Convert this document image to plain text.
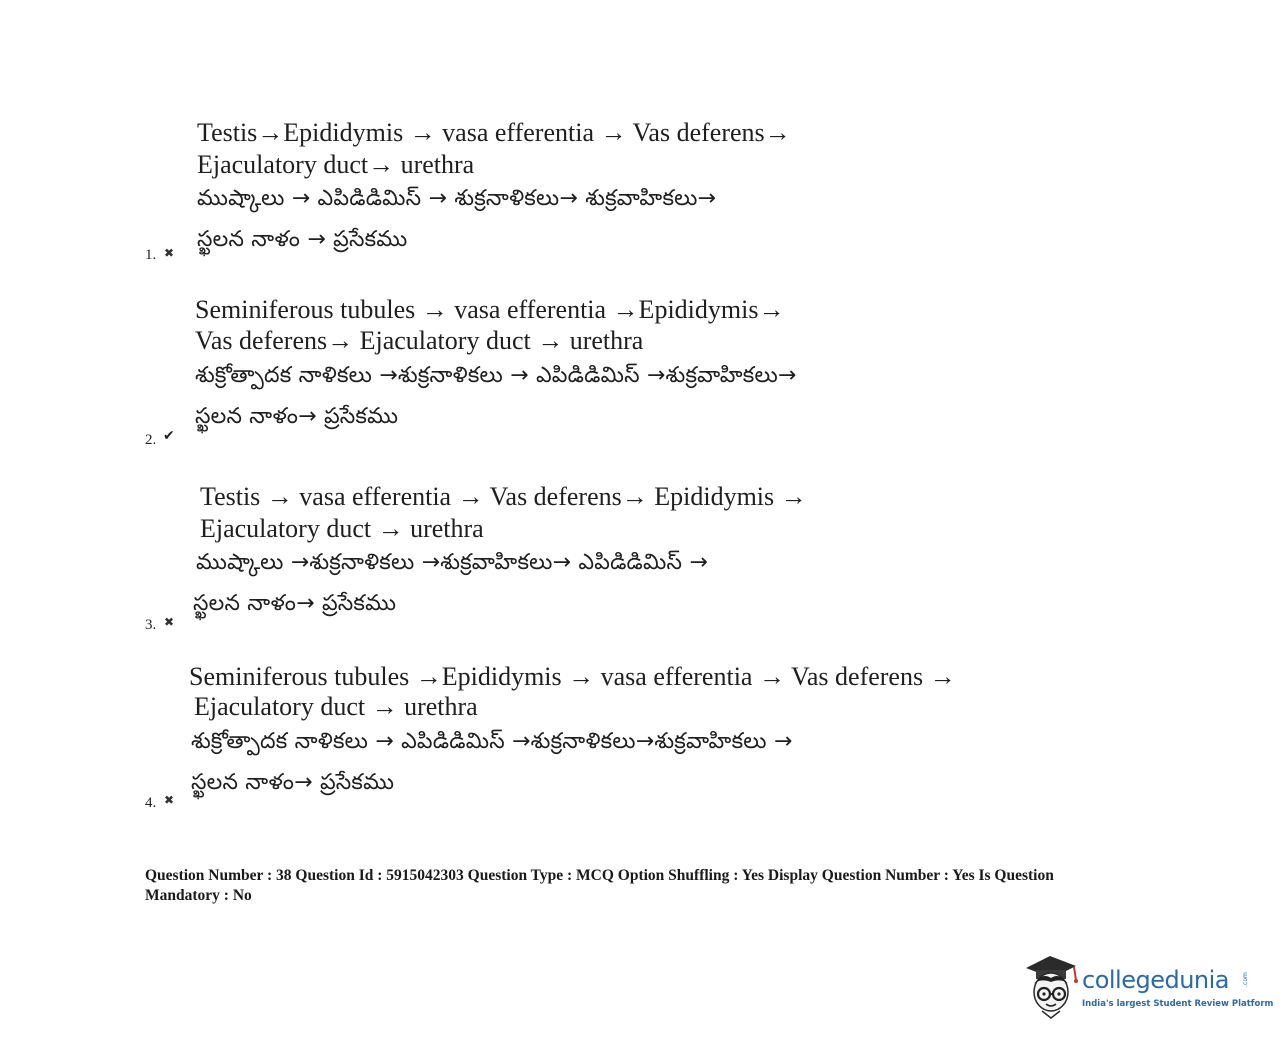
Testis→Epididymis → vasa efferentia → Vas deferens→
Ejaculatory duct→ urethra
ముష్కాలు → ఎపిడిడిమిస్ → శుక్రనాళికలు→ శుక్రవాహికలు→
స్ఖలన నాళం → ప్రసేకము
1. ✖
Seminiferous tubules → vasa efferentia →Epididymis→
Vas deferens→ Ejaculatory duct → urethra
శుక్రోత్పాదక నాళికలు →శుక్రనాళికలు → ఎపిడిడిమిస్ →శుక్రవాహికలు→
స్ఖలన నాళం→ ప్రసేకము
2. ✔
Testis → vasa efferentia → Vas deferens→ Epididymis →
Ejaculatory duct → urethra
ముష్కాలు →శుక్రనాళికలు →శుక్రవాహికలు→ ఎపిడిడిమిస్ →
స్ఖలన నాళం→ ప్రసేకము
3. ✖
Seminiferous tubules →Epididymis → vasa efferentia → Vas deferens →
Ejaculatory duct → urethra
శుక్రోత్పాదక నాళికలు → ఎపిడిడిమిస్ →శుక్రనాళికలు→శుక్రవాహికలు →
స్ఖలన నాళం→ ప్రసేకము
4. ✖
Question Number : 38 Question Id : 5915042303 Question Type : MCQ Option Shuffling : Yes Display Question Number : Yes Is Question Mandatory : No
collegedunia .com
India's largest Student Review Platform
